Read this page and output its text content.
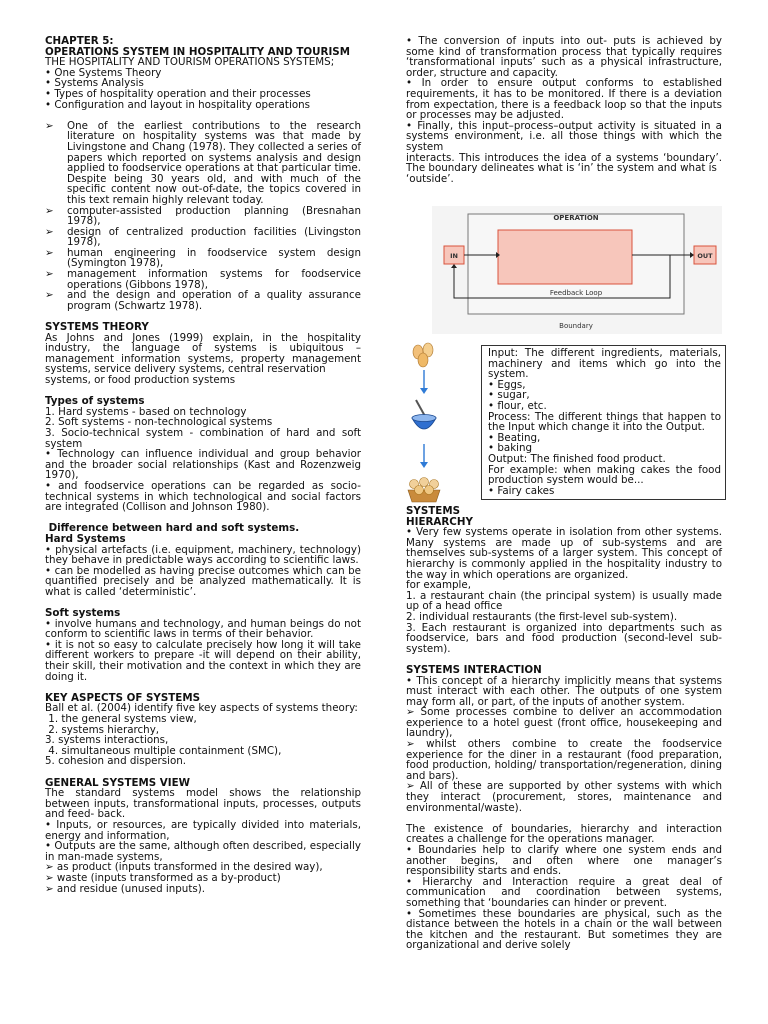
CHAPTER 5:

OPERATIONS SYSTEM IN HOSPITALITY AND TOURISM

THE HOSPITALITY AND TOURISM OPERATIONS SYSTEMS;

• One Systems Theory
• Systems Analysis
• Types of hospitality operation and their processes
• Configuration and layout in hospitality operations
➢ One of the earliest contributions to the research literature on hospitality systems was that made by Livingstone and Chang (1978). They collected a series of papers which reported on systems analysis and design applied to foodservice operations at that particular time. Despite being 30 years old, and with much of the specific content now out-of-date, the topics covered in this text remain highly relevant today.
➢ computer-assisted production planning (Bresnahan 1978),
➢ design of centralized production facilities (Livingston 1978),
➢ human engineering in foodservice system design (Symington 1978),
➢ management information systems for foodservice operations (Gibbons 1978),
➢ and the design and operation of a quality assurance program (Schwartz 1978).

SYSTEMS THEORY

As Johns and Jones (1999) explain, in the hospitality industry, the language of systems is ubiquitous – management information systems, property management systems, service delivery systems, central reservation

systems, or food production systems

Types of systems

1. Hard systems - based on technology

2. Soft systems - non-technological systems

3. Socio-technical system - combination of hard and soft system

• Technology can influence individual and group behavior and the broader social relationships (Kast and Rozenzweig 1970),

• and foodservice operations can be regarded as socio-technical systems in which technological and social factors are integrated (Collison and Johnson 1980).

Difference between hard and soft systems.

Hard Systems

• physical artefacts (i.e. equipment, machinery, technology) they behave in predictable ways according to scientific laws.

• can be modelled as having precise outcomes which can be quantified precisely and be analyzed mathematically. It is what is called ‘deterministic’.

Soft systems

• involve humans and technology, and human beings do not conform to scientific laws in terms of their behavior.

• it is not so easy to calculate precisely how long it will take different workers to prepare -it will depend on their ability, their skill, their motivation and the context in which they are doing it.

KEY ASPECTS OF SYSTEMS

Ball et al. (2004) identify five key aspects of systems theory:

1. the general systems view,

2. systems hierarchy,

3. systems interactions,

4. simultaneous multiple containment (SMC),

5. cohesion and dispersion.

GENERAL SYSTEMS VIEW

The standard systems model shows the relationship between inputs, transformational inputs, processes, outputs and feed- back.

• Inputs, or resources, are typically divided into materials, energy and information,

• Outputs are the same, although often described, especially in man-made systems,

➢ as product (inputs transformed in the desired way),

➢ waste (inputs transformed as a by-product)

➢ and residue (unused inputs).

• The conversion of inputs into out- puts is achieved by some kind of transformation process that typically requires ‘transformational inputs’ such as a physical infrastructure, order, structure and capacity.

• In order to ensure output conforms to established requirements, it has to be monitored. If there is a deviation from expectation, there is a feedback loop so that the inputs or processes may be adjusted.

• Finally, this input–process–output activity is situated in a systems environment, i.e. all those things with which the system

interacts. This introduces the idea of a systems ‘boundary’. The boundary delineates what is ‘in’ the system and what is

‘outside’.

OPERATION
IN	OUT
Feedback Loop
Boundary

Input: The different ingredients, materials, machinery and items which go into the system.

• Eggs,

• sugar,

• flour, etc.

Process: The different things that happen to the Input which change it into the Output.

• Beating,

• baking

Output: The finished food product.

For example: when making cakes the food production system would be...

• Fairy cakes

SYSTEMS

HIERARCHY

• Very few systems operate in isolation from other systems. Many systems are made up of sub-systems and are themselves sub-systems of a larger system. This concept of hierarchy is commonly applied in the hospitality industry to the way in which operations are organized.

for example,

1. a restaurant chain (the principal system) is usually made up of a head office

2. individual restaurants (the first-level sub-system).

3. Each restaurant is organized into departments such as foodservice, bars and food production (second-level sub-system).

SYSTEMS INTERACTION

• This concept of a hierarchy implicitly means that systems must interact with each other. The outputs of one system may form all, or part, of the inputs of another system.

➢ Some processes combine to deliver an accommodation experience to a hotel guest (front office, housekeeping and laundry),

➢ whilst others combine to create the foodservice experience for the diner in a restaurant (food preparation, food production, holding/ transportation/regeneration, dining and bars).

➢ All of these are supported by other systems with which they interact (procurement, stores, maintenance and environmental/waste).

The existence of boundaries, hierarchy and interaction creates a challenge for the operations manager.

• Boundaries help to clarify where one system ends and another begins, and often where one manager’s responsibility starts and ends.

• Hierarchy and Interaction require a great deal of communication and coordination between systems, something that ‘boundaries can hinder or prevent.

• Sometimes these boundaries are physical, such as the distance between the hotels in a chain or the wall between the kitchen and the restaurant. But sometimes they are organizational and derive solely
